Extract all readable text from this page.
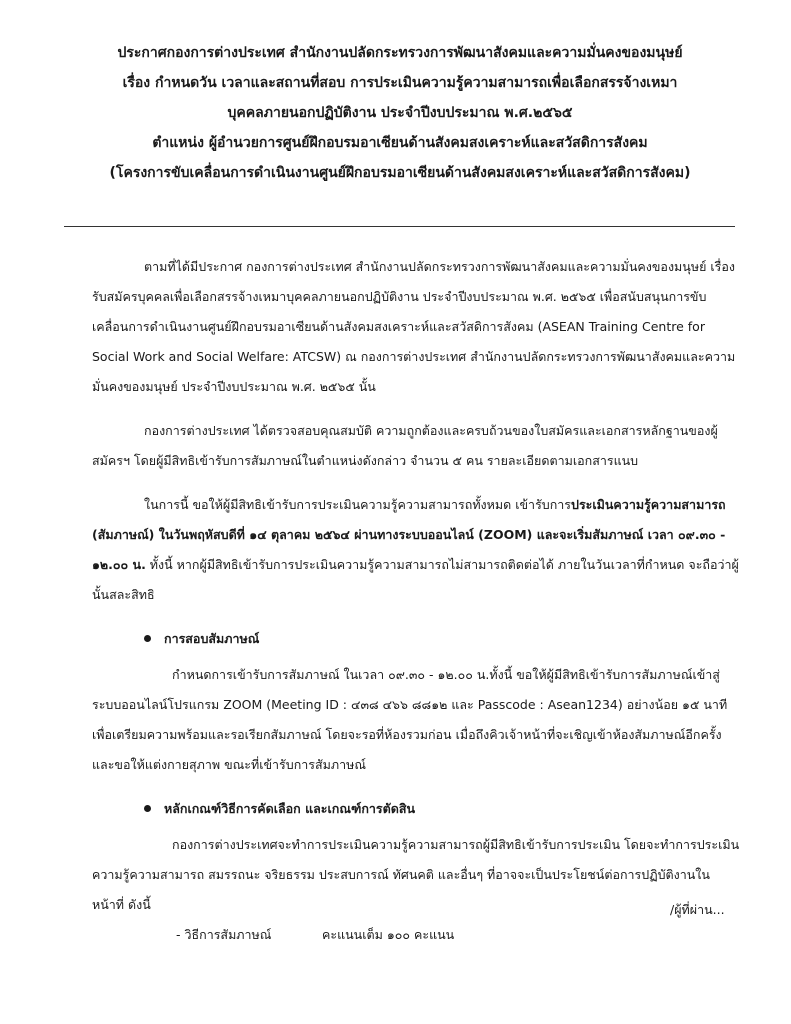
ประกาศกองการต่างประเทศ สำนักงานปลัดกระทรวงการพัฒนาสังคมและความมั่นคงของมนุษย์
เรื่อง กำหนดวัน เวลาและสถานที่สอบ การประเมินความรู้ความสามารถเพื่อเลือกสรรจ้างเหมา
บุคคลภายนอกปฏิบัติงาน ประจำปีงบประมาณ พ.ศ.๒๕๖๕
ตำแหน่ง ผู้อำนวยการศูนย์ฝึกอบรมอาเซียนด้านสังคมสงเคราะห์และสวัสดิการสังคม
(โครงการขับเคลื่อนการดำเนินงานศูนย์ฝึกอบรมอาเซียนด้านสังคมสงเคราะห์และสวัสดิการสังคม)

ตามที่ได้มีประกาศ กองการต่างประเทศ สำนักงานปลัดกระทรวงการพัฒนาสังคมและความมั่นคงของมนุษย์ เรื่อง รับสมัครบุคคลเพื่อเลือกสรรจ้างเหมาบุคคลภายนอกปฏิบัติงาน ประจำปีงบประมาณ พ.ศ. ๒๕๖๕ เพื่อสนับสนุนการขับเคลื่อนการดำเนินงานศูนย์ฝึกอบรมอาเซียนด้านสังคมสงเคราะห์และสวัสดิการสังคม (ASEAN Training Centre for Social Work and Social Welfare: ATCSW) ณ กองการต่างประเทศ สำนักงานปลัดกระทรวงการพัฒนาสังคมและความมั่นคงของมนุษย์ ประจำปีงบประมาณ พ.ศ. ๒๕๖๕ นั้น

กองการต่างประเทศ ได้ตรวจสอบคุณสมบัติ ความถูกต้องและครบถ้วนของใบสมัครและเอกสารหลักฐานของผู้สมัครฯ โดยผู้มีสิทธิเข้ารับการสัมภาษณ์ในตำแหน่งดังกล่าว จำนวน ๕ คน รายละเอียดตามเอกสารแนบ

ในการนี้ ขอให้ผู้มีสิทธิเข้ารับการประเมินความรู้ความสามารถทั้งหมด เข้ารับการประเมินความรู้ความสามารถ (สัมภาษณ์) ในวันพฤหัสบดีที่ ๑๔ ตุลาคม ๒๕๖๔ ผ่านทางระบบออนไลน์ (ZOOM) และจะเริ่มสัมภาษณ์ เวลา ๐๙.๓๐ - ๑๒.๐๐ น. ทั้งนี้ หากผู้มีสิทธิเข้ารับการประเมินความรู้ความสามารถไม่สามารถติดต่อได้ ภายในวันเวลาที่กำหนด จะถือว่าผู้นั้นสละสิทธิ

การสอบสัมภาษณ์

กำหนดการเข้ารับการสัมภาษณ์ ในเวลา ๐๙.๓๐ - ๑๒.๐๐ น.ทั้งนี้ ขอให้ผู้มีสิทธิเข้ารับการสัมภาษณ์เข้าสู่ระบบออนไลน์โปรแกรม ZOOM (Meeting ID : ๔๓๘ ๔๖๖ ๘๘๑๒ และ Passcode : Asean1234) อย่างน้อย ๑๕ นาที เพื่อเตรียมความพร้อมและรอเรียกสัมภาษณ์ โดยจะรอที่ห้องรวมก่อน เมื่อถึงคิวเจ้าหน้าที่จะเชิญเข้าห้องสัมภาษณ์อีกครั้ง และขอให้แต่งกายสุภาพ ขณะที่เข้ารับการสัมภาษณ์

หลักเกณฑ์วิธีการคัดเลือก และเกณฑ์การตัดสิน

กองการต่างประเทศจะทำการประเมินความรู้ความสามารถผู้มีสิทธิเข้ารับการประเมิน โดยจะทำการประเมินความรู้ความสามารถ สมรรถนะ จริยธรรม ประสบการณ์ ทัศนคติ และอื่นๆ ที่อาจจะเป็นประโยชน์ต่อการปฏิบัติงานในหน้าที่ ดังนี้

- วิธีการสัมภาษณ์	คะแนนเต็ม ๑๐๐ คะแนน
/ผู้ที่ผ่าน...
